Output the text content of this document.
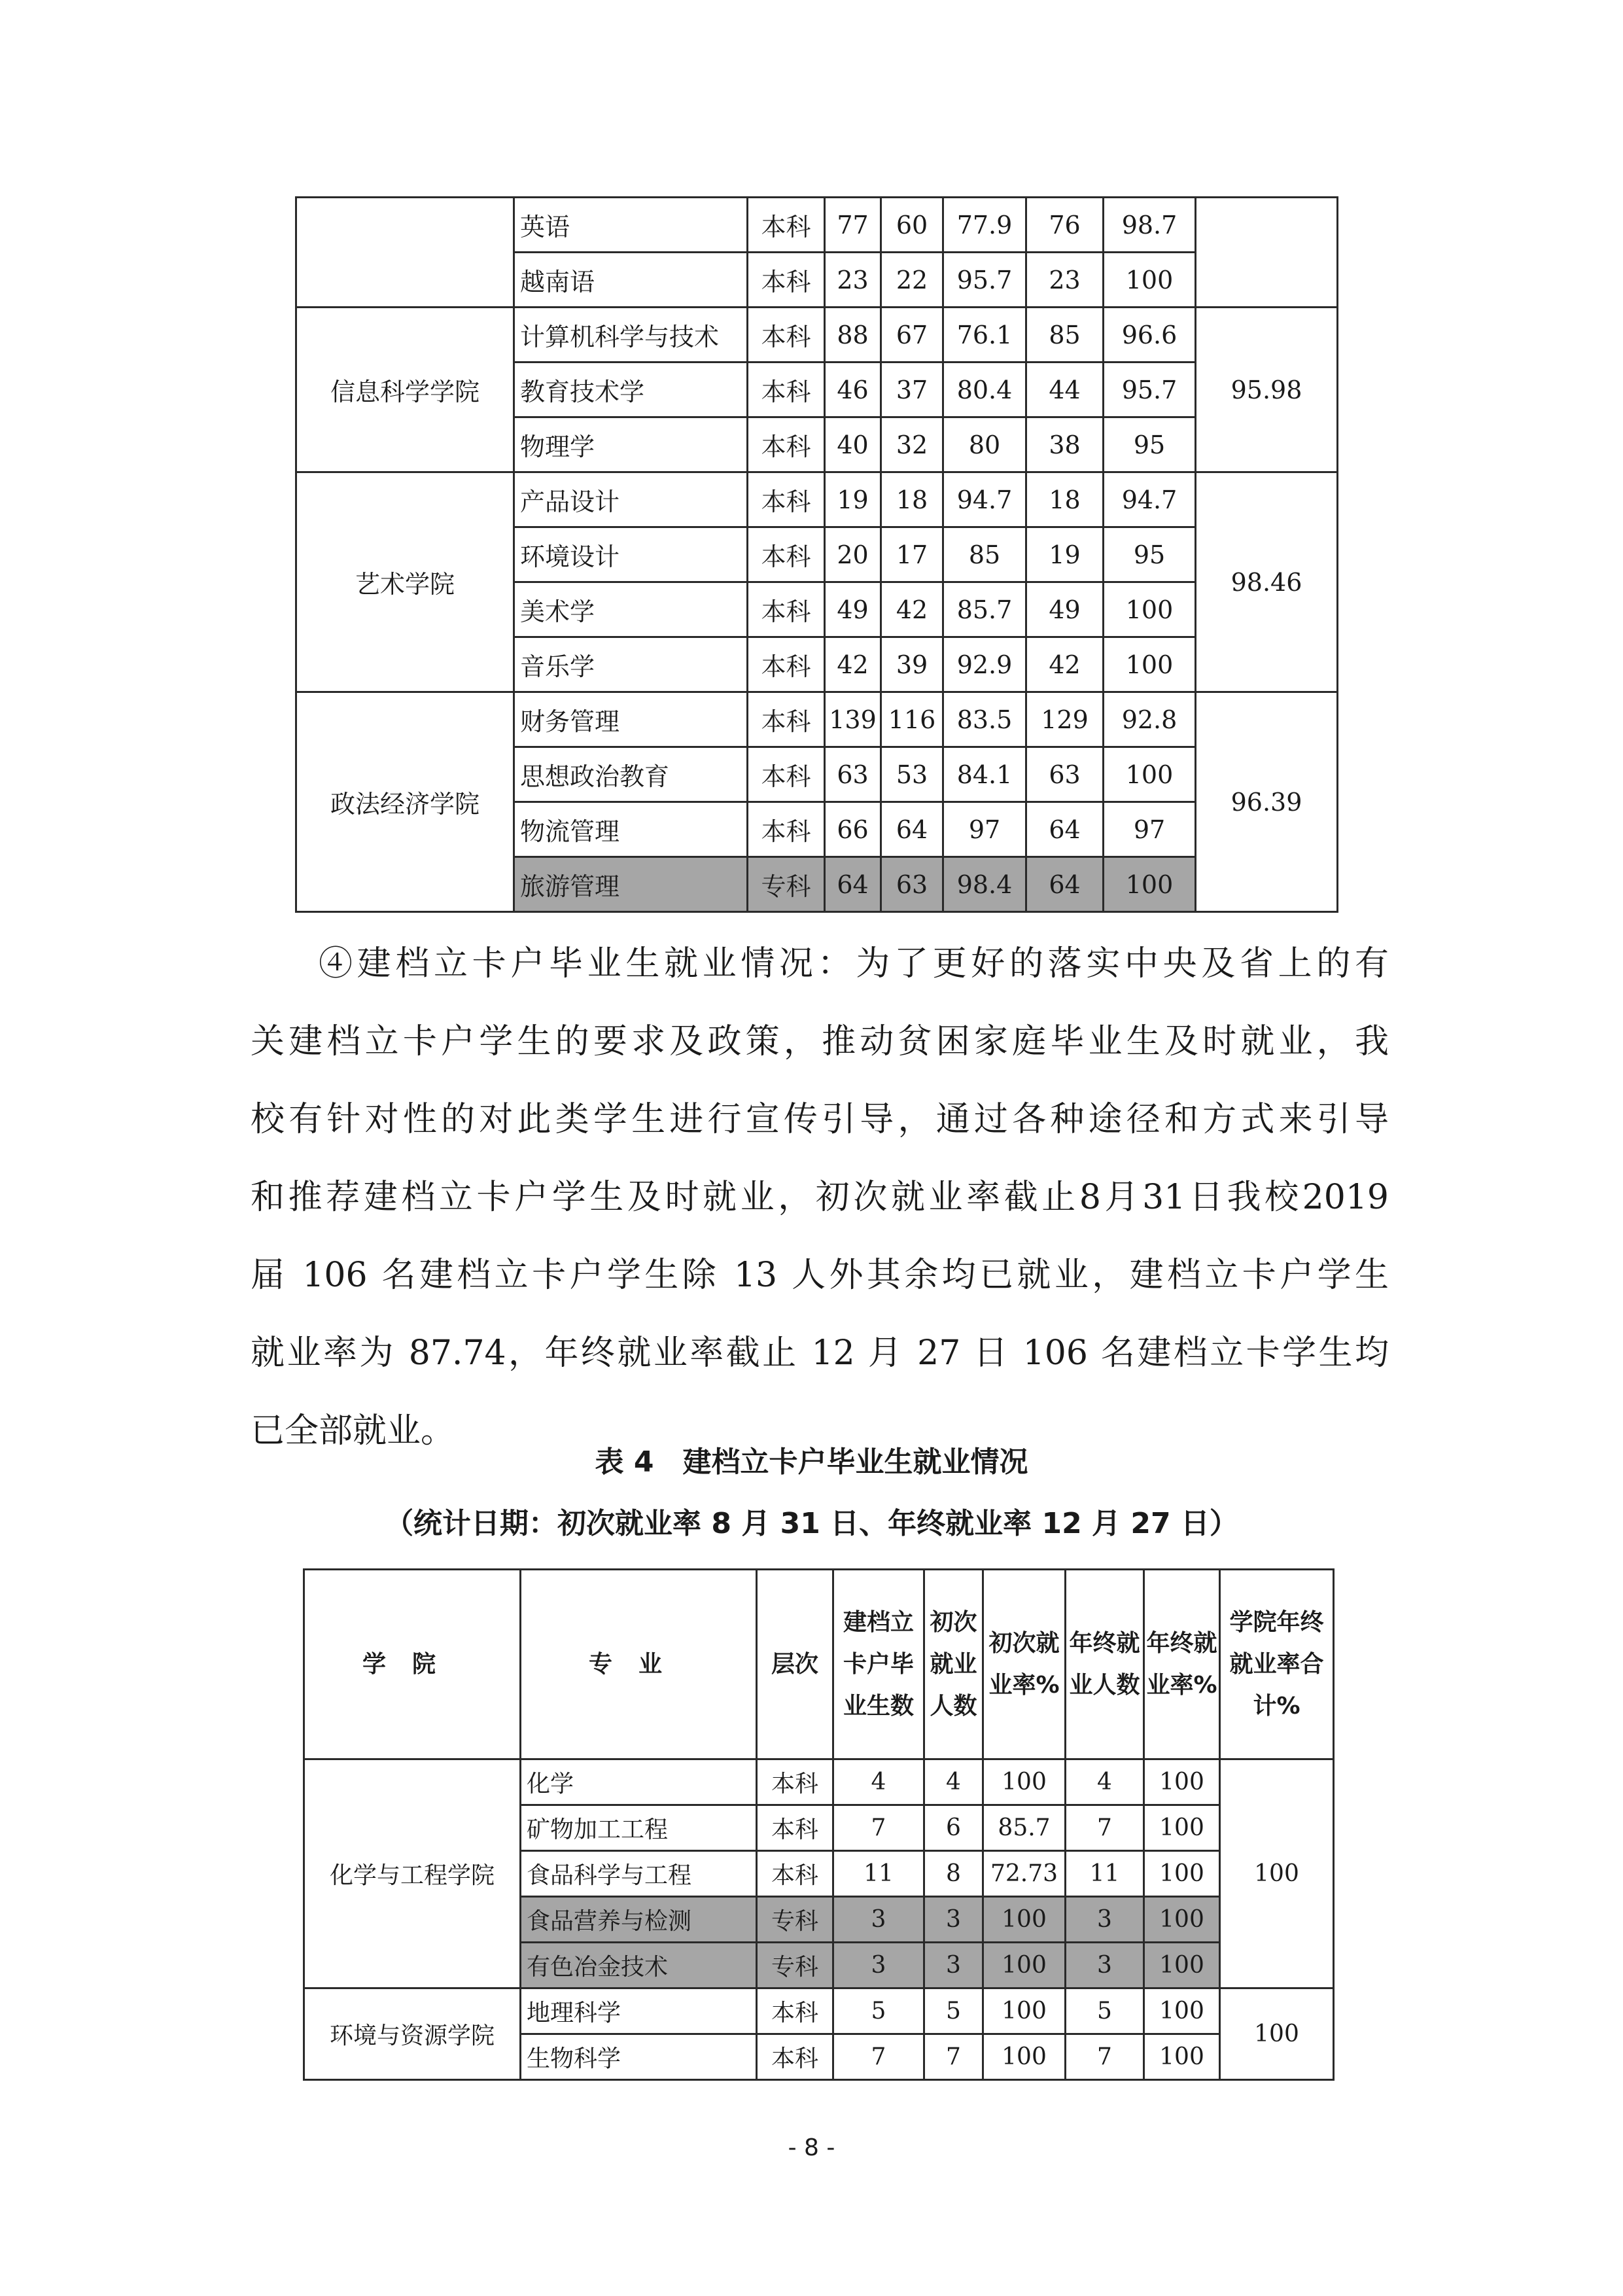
	英语	本科	77	60	77.9	76	98.7	
	越南语	本科	23	22	95.7	23	100	
信息科学学院	计算机科学与技术	本科	88	67	76.1	85	96.6	95.98
	教育技术学	本科	46	37	80.4	44	95.7	
	物理学	本科	40	32	80	38	95	
艺术学院	产品设计	本科	19	18	94.7	18	94.7	98.46
	环境设计	本科	20	17	85	19	95	
	美术学	本科	49	42	85.7	49	100	
	音乐学	本科	42	39	92.9	42	100	
政法经济学院	财务管理	本科	139	116	83.5	129	92.8	96.39
	思想政治教育	本科	63	53	84.1	63	100	
	物流管理	本科	66	64	97	64	97	
	旅游管理	专科	64	63	98.4	64	100	

④建档立卡户毕业生就业情况：为了更好的落实中央及省上的有

关建档立卡户学生的要求及政策，推动贫困家庭毕业生及时就业，我

校有针对性的对此类学生进行宣传引导，通过各种途径和方式来引导

和推荐建档立卡户学生及时就业，初次就业率截止8月31日我校2019

届 106 名建档立卡户学生除 13 人外其余均已就业，建档立卡户学生

就业率为 87.74，年终就业率截止 12 月 27 日 106 名建档立卡学生均

已全部就业。

表 4　建档立卡户毕业生就业情况
（统计日期：初次就业率 8 月 31 日、年终就业率 12 月 27 日）
学院	专业	层次	建档立卡户毕业生数	初次就业人数	初次就业率%	年终就业人数	年终就业率%	学院年终就业率合计%
化学与工程学院	化学	本科	4	4	100	4	100	100
	矿物加工工程	本科	7	6	85.7	7	100	
	食品科学与工程	本科	11	8	72.73	11	100	
	食品营养与检测	专科	3	3	100	3	100	
	有色冶金技术	专科	3	3	100	3	100	
环境与资源学院	地理科学	本科	5	5	100	5	100	100
	生物科学	本科	7	7	100	7	100	
- 8 -
